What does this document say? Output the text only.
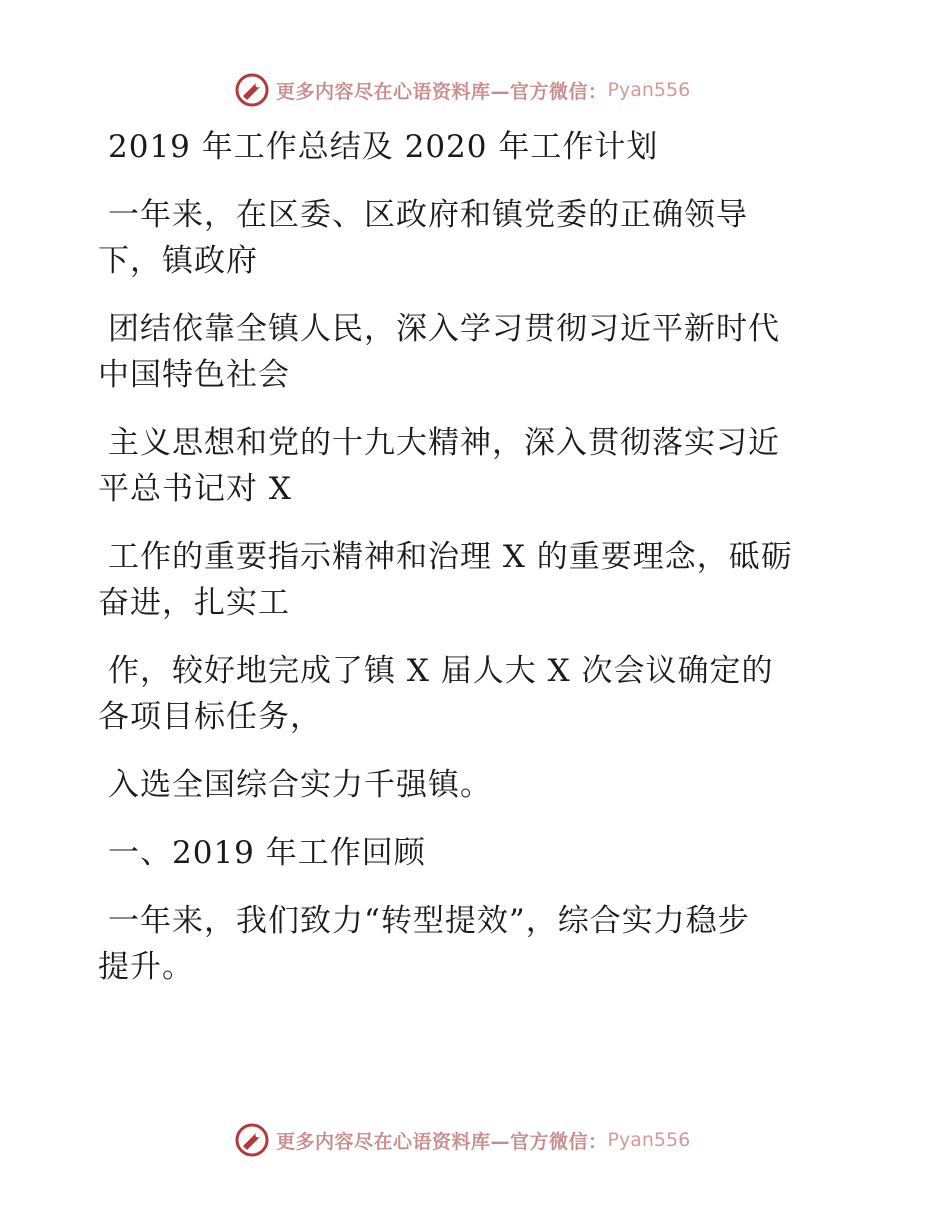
更多内容尽在心语资料库—官方微信： Pyan556
2019 年工作总结及 2020 年工作计划
一年来，在区委、区政府和镇党委的正确领导
下，镇政府
团结依靠全镇人民，深入学习贯彻习近平新时代
中国特色社会
主义思想和党的十九大精神，深入贯彻落实习近
平总书记对 X
工作的重要指示精神和治理 X 的重要理念，砥砺
奋进，扎实工
作，较好地完成了镇 X 届人大 X 次会议确定的
各项目标任务，
入选全国综合实力千强镇。
一、2019 年工作回顾
一年来，我们致力“转型提效”，综合实力稳步
提升。
更多内容尽在心语资料库—官方微信： Pyan556
